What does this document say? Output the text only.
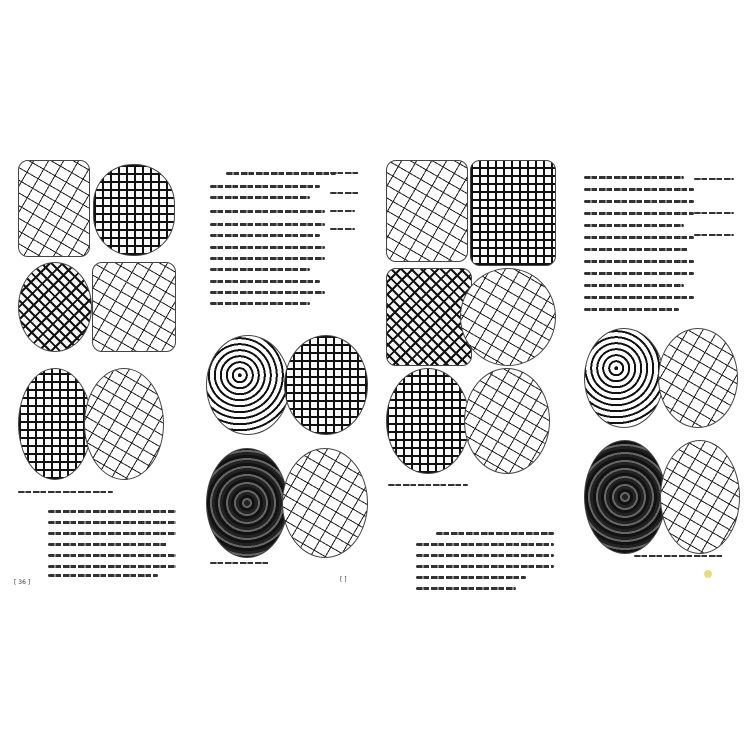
[ 36 ]	[ ]
